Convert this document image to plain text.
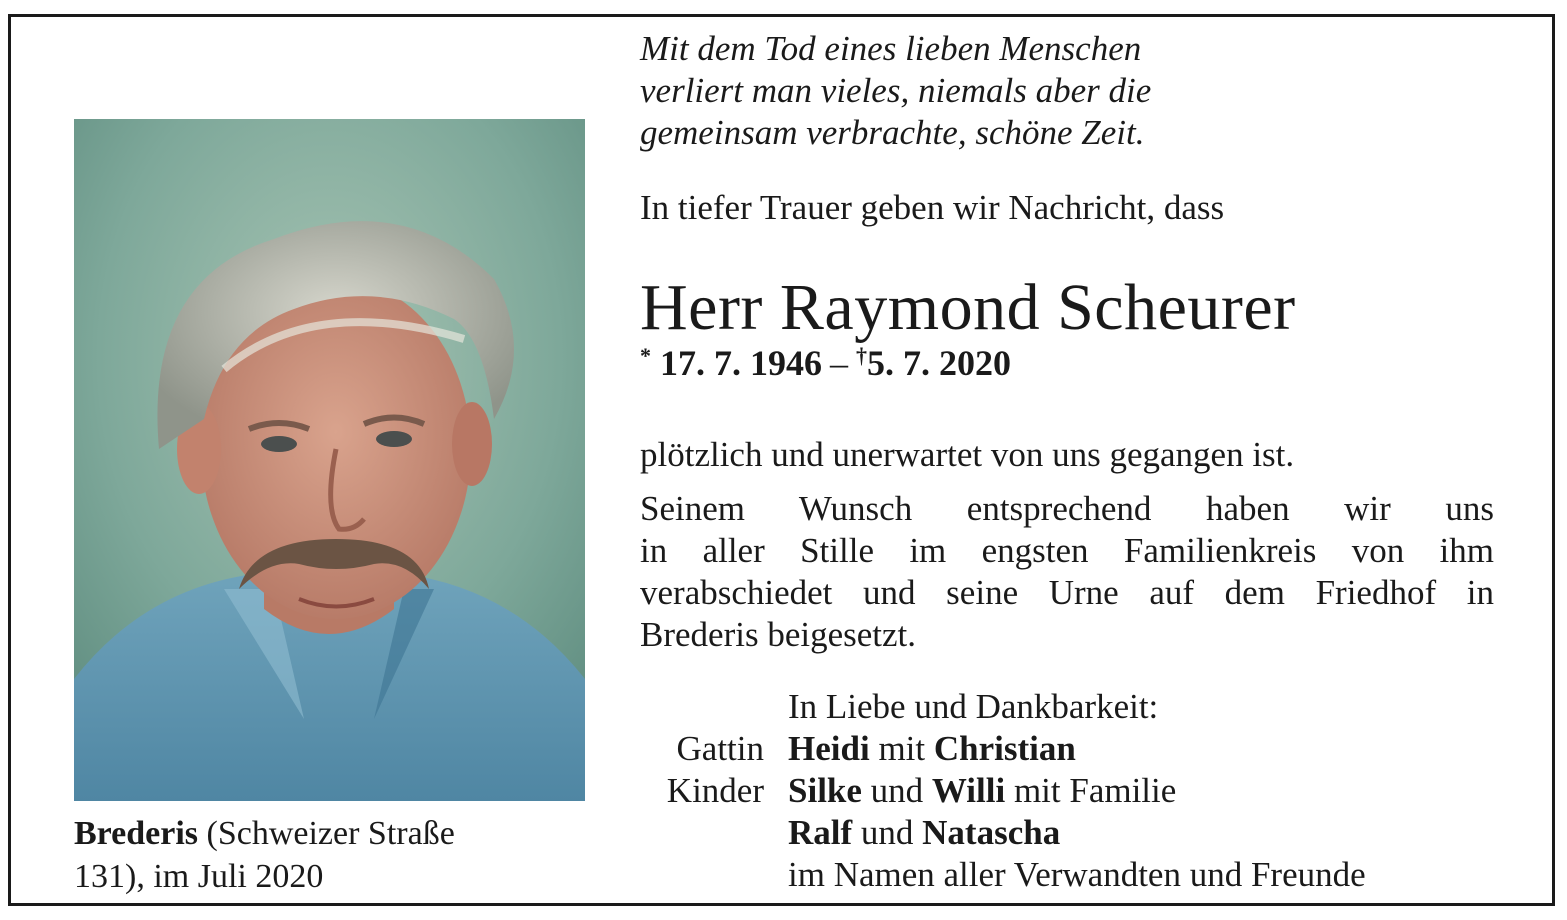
Brederis (Schweizer Straße
131), im Juli 2020
Mit dem Tod eines lieben Menschen
verliert man vieles, niemals aber die
gemeinsam verbrachte, schöne Zeit.
In tiefer Trauer geben wir Nachricht, dass
Herr Raymond Scheurer
* 17. 7. 1946 – †5. 7. 2020
plötzlich und unerwartet von uns gegangen ist.
Seinem Wunsch entsprechend haben wir uns
in aller Stille im engsten Familienkreis von ihm
verabschiedet und seine Urne auf dem Friedhof in
Brederis beigesetzt.
In Liebe und Dankbarkeit:
Gattin Heidi mit Christian
Kinder Silke und Willi mit Familie
Ralf und Natascha
im Namen aller Verwandten und Freunde
